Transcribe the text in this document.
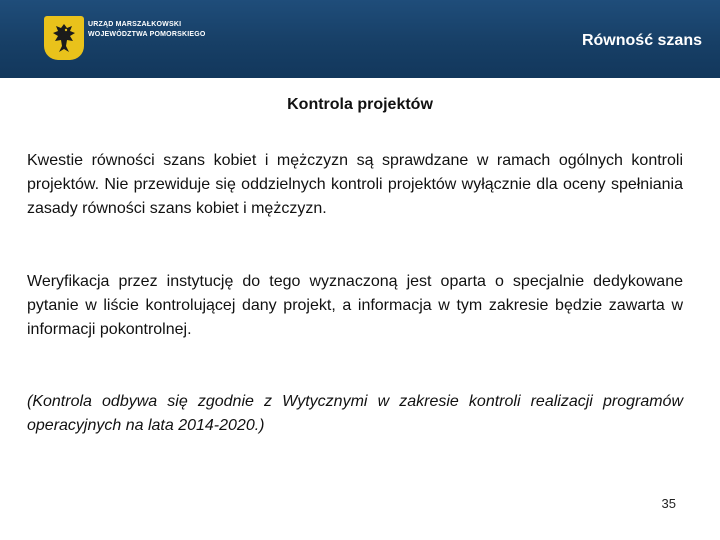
URZĄD MARSZAŁKOWSKI
WOJEWÓDZTWA POMORSKIEGO	Równość szans
Kontrola projektów
Kwestie równości szans kobiet i mężczyzn są sprawdzane w ramach ogólnych kontroli projektów. Nie przewiduje się oddzielnych kontroli projektów wyłącznie dla oceny spełniania zasady równości szans kobiet i mężczyzn.
Weryfikacja przez instytucję do tego wyznaczoną jest oparta o specjalnie dedykowane pytanie w liście kontrolującej dany projekt, a informacja w tym zakresie będzie zawarta w informacji pokontrolnej.
(Kontrola odbywa się zgodnie z Wytycznymi w zakresie kontroli realizacji programów operacyjnych na lata 2014-2020.)
35
